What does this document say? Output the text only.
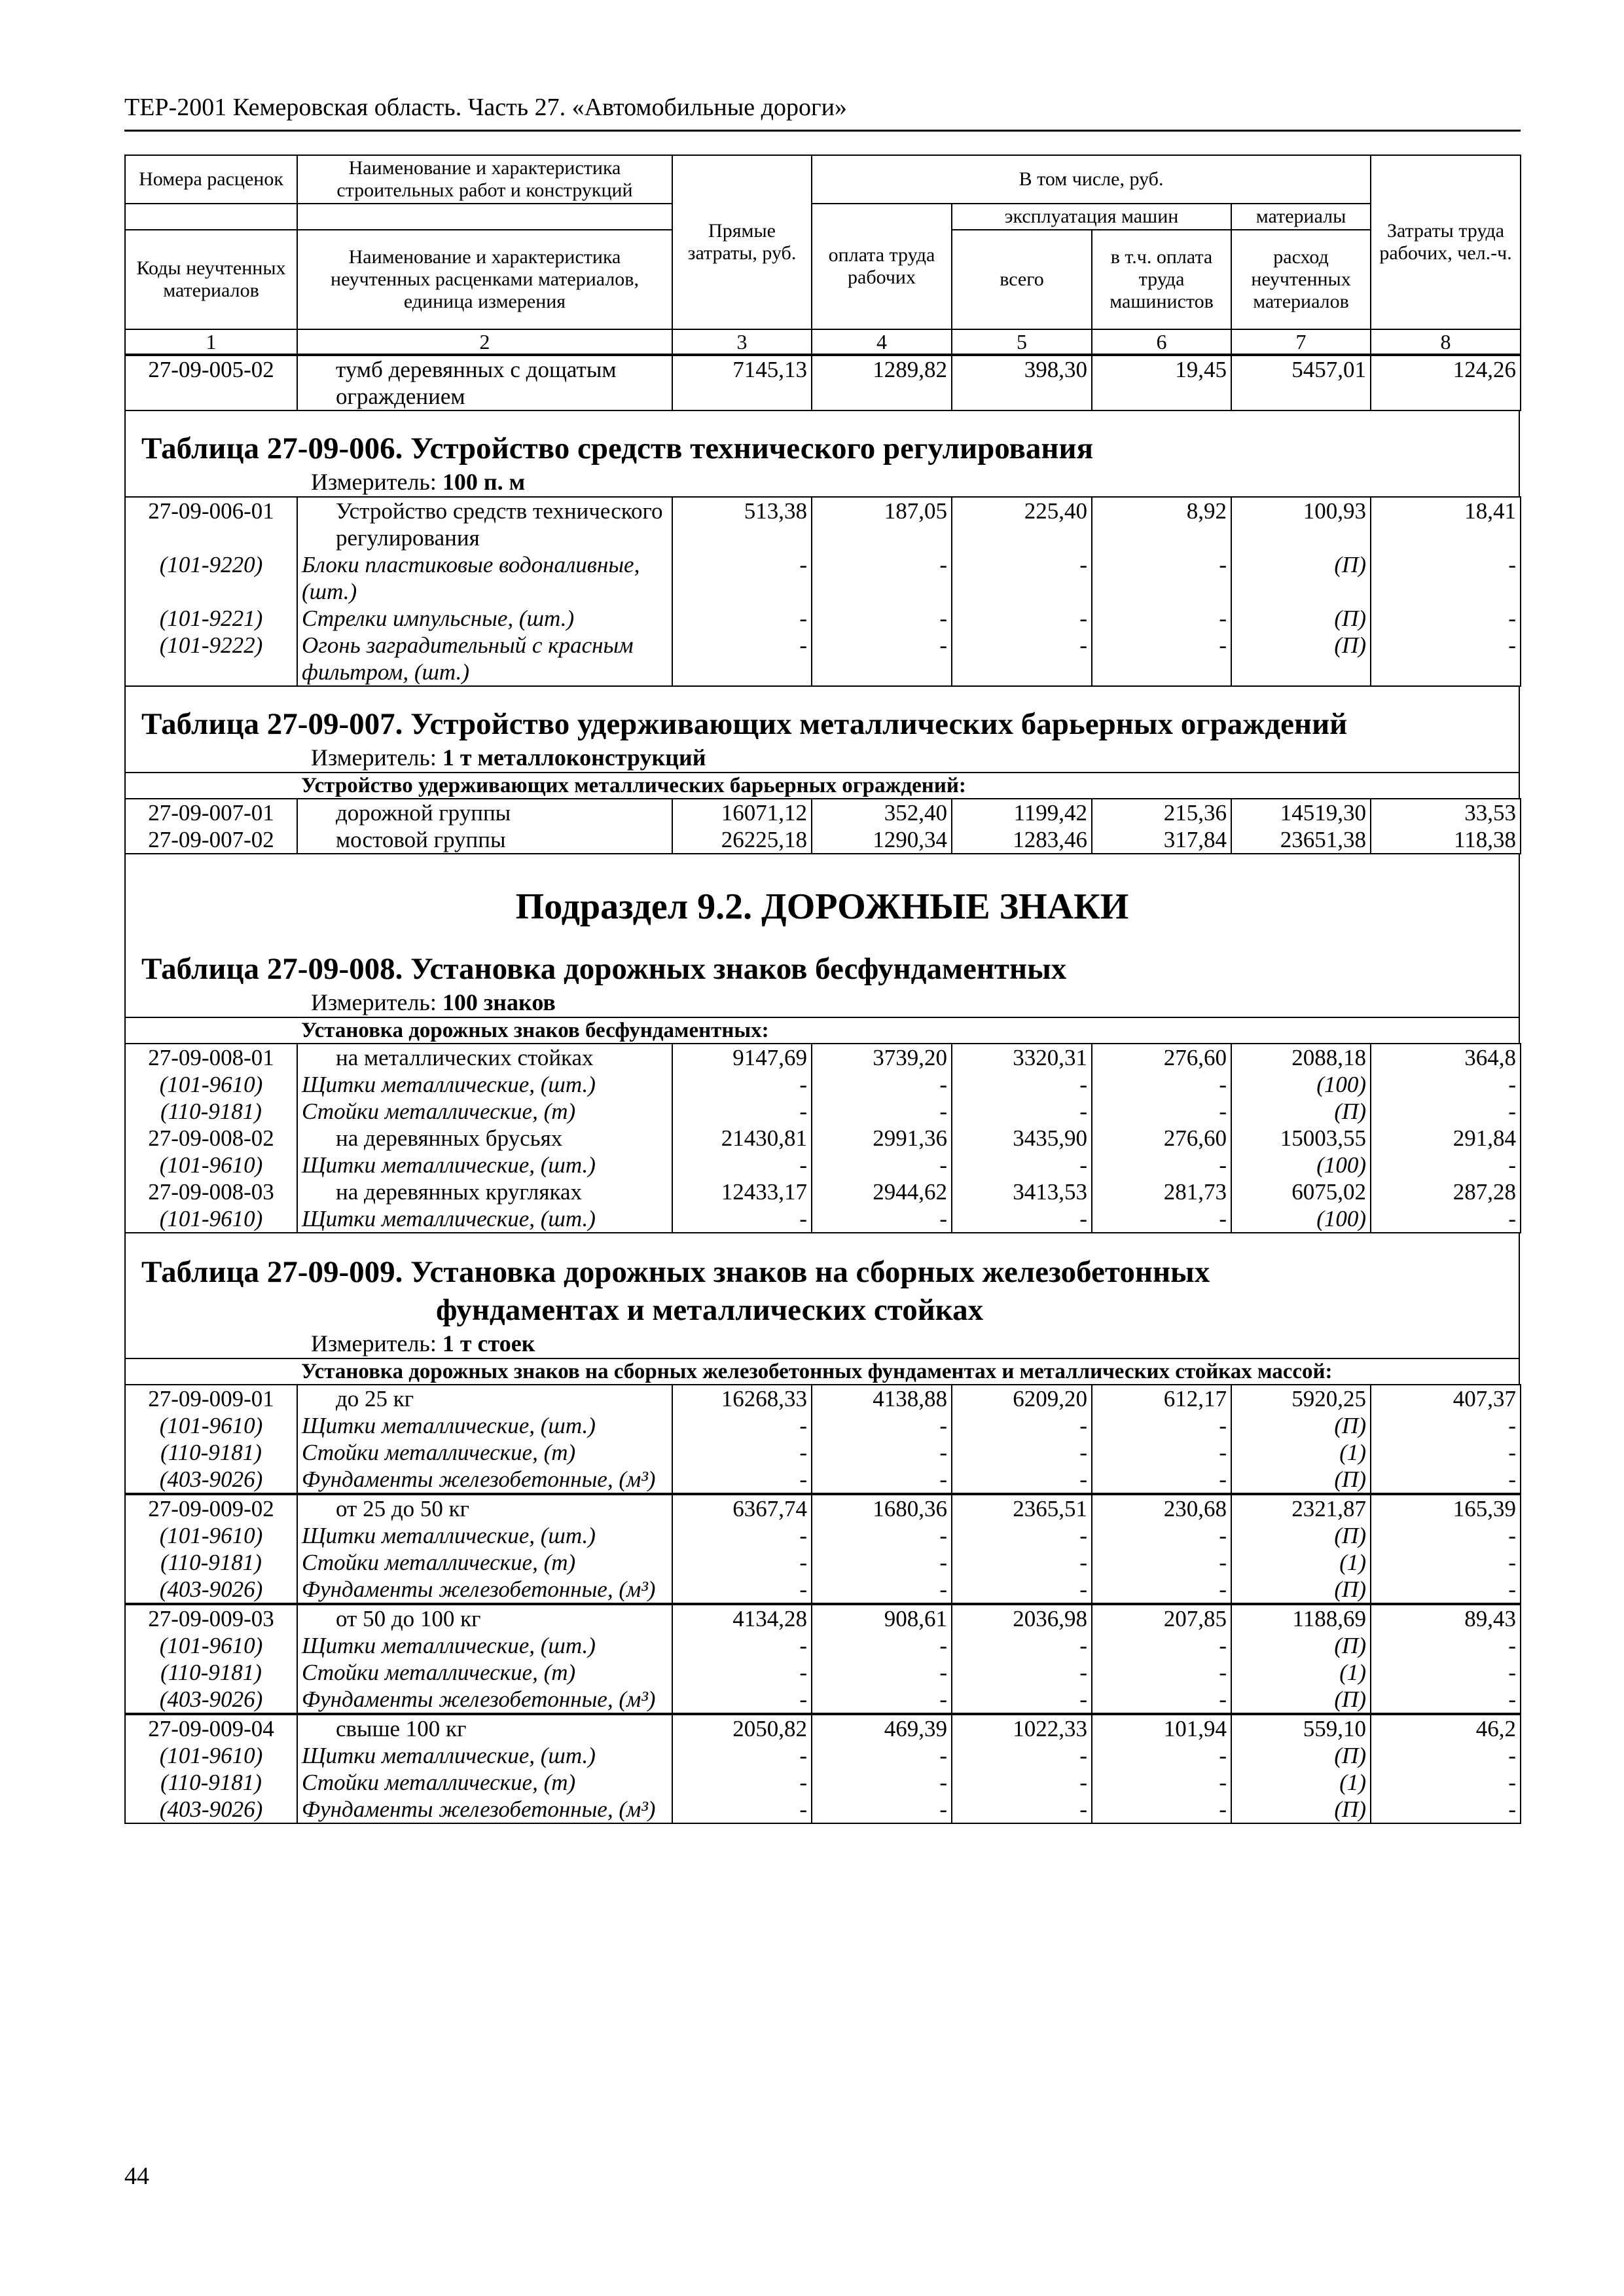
ТЕР-2001 Кемеровская область. Часть 27. «Автомобильные дороги»
Номера расценок	Наименование и характеристика строительных работ и конструкций	Прямые затраты, руб.	В том числе, руб.				Затраты труда рабочих, чел.-ч.
			оплата труда рабочих	эксплуатация машин		материалы	
Коды неучтенных материалов	Наименование и характеристика неучтенных расценками материалов, единица измерения			всего	в т.ч. оплата труда машинистов	расход неучтенных материалов	

1	2	3	4	5	6	7	8
27-09-005-02	тумб деревянных с дощатым ограждением	7145,13	1289,82	398,30	19,45	5457,01	124,26
Таблица 27-09-006. Устройство средств технического регулирования
Измеритель: 100 п. м
27-09-006-01	Устройство средств технического регулирования	513,38	187,05	225,40	8,92	100,93	18,41
(101-9220)	Блоки пластиковые водоналивные, (шт.)	-	-	-	-	(П)	-
(101-9221)	Стрелки импульсные, (шт.)	-	-	-	-	(П)	-
(101-9222)	Огонь заградительный с красным фильтром, (шт.)	-	-	-	-	(П)	-
Таблица 27-09-007. Устройство удерживающих металлических барьерных ограждений
Измеритель: 1 т металлоконструкций
	Устройство удерживающих металлических барьерных ограждений:
27-09-007-01	дорожной группы	16071,12	352,40	1199,42	215,36	14519,30	33,53
27-09-007-02	мостовой группы	26225,18	1290,34	1283,46	317,84	23651,38	118,38
Подраздел 9.2. ДОРОЖНЫЕ ЗНАКИ
Таблица 27-09-008. Установка дорожных знаков бесфундаментных
Измеритель: 100 знаков
	Установка дорожных знаков бесфундаментных:
27-09-008-01	на металлических стойках	9147,69	3739,20	3320,31	276,60	2088,18	364,8
(101-9610)	Щитки металлические, (шт.)	-	-	-	-	(100)	-
(110-9181)	Стойки металлические, (т)	-	-	-	-	(П)	-
27-09-008-02	на деревянных брусьях	21430,81	2991,36	3435,90	276,60	15003,55	291,84
(101-9610)	Щитки металлические, (шт.)	-	-	-	-	(100)	-
27-09-008-03	на деревянных кругляках	12433,17	2944,62	3413,53	281,73	6075,02	287,28
(101-9610)	Щитки металлические, (шт.)	-	-	-	-	(100)	-
Таблица 27-09-009. Установка дорожных знаков на сборных железобетонных
фундаментах и металлических стойках
Измеритель: 1 т стоек
	Установка дорожных знаков на сборных железобетонных фундаментах и металлических стойках массой:
27-09-009-01	до 25 кг	16268,33	4138,88	6209,20	612,17	5920,25	407,37
(101-9610)	Щитки металлические, (шт.)	-	-	-	-	(П)	-
(110-9181)	Стойки металлические, (т)	-	-	-	-	(1)	-
(403-9026)	Фундаменты железобетонные, (м³)	-	-	-	-	(П)	-
27-09-009-02	от 25 до 50 кг	6367,74	1680,36	2365,51	230,68	2321,87	165,39
(101-9610)	Щитки металлические, (шт.)	-	-	-	-	(П)	-
(110-9181)	Стойки металлические, (т)	-	-	-	-	(1)	-
(403-9026)	Фундаменты железобетонные, (м³)	-	-	-	-	(П)	-
27-09-009-03	от 50 до 100 кг	4134,28	908,61	2036,98	207,85	1188,69	89,43
(101-9610)	Щитки металлические, (шт.)	-	-	-	-	(П)	-
(110-9181)	Стойки металлические, (т)	-	-	-	-	(1)	-
(403-9026)	Фундаменты железобетонные, (м³)	-	-	-	-	(П)	-
27-09-009-04	свыше 100 кг	2050,82	469,39	1022,33	101,94	559,10	46,2
(101-9610)	Щитки металлические, (шт.)	-	-	-	-	(П)	-
(110-9181)	Стойки металлические, (т)	-	-	-	-	(1)	-
(403-9026)	Фундаменты железобетонные, (м³)	-	-	-	-	(П)	-
44
